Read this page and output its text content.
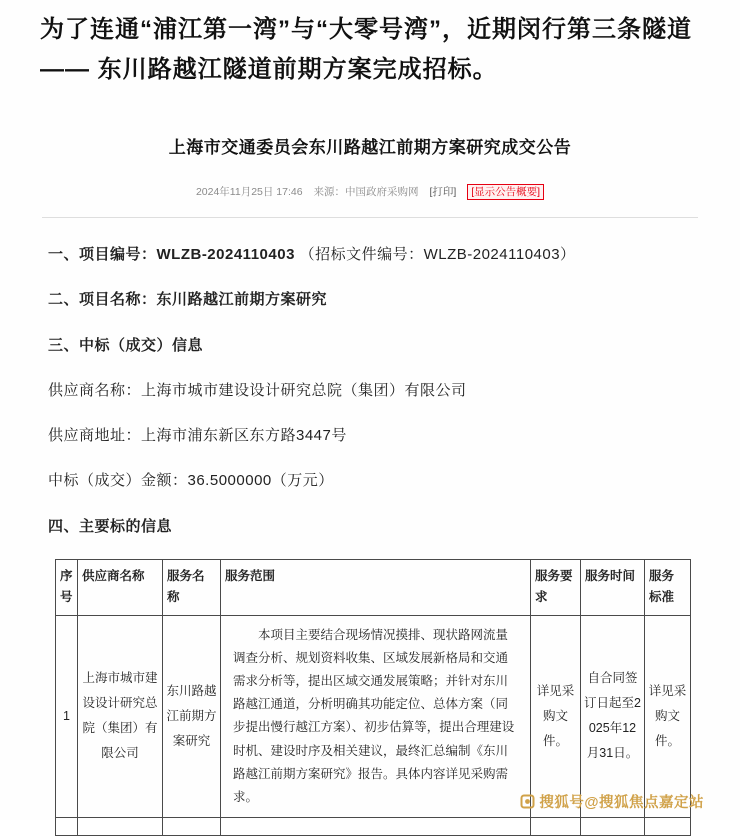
为了连通“浦江第一湾”与“大零号湾”，近期闵行第三条隧道 —— 东川路越江隧道前期方案完成招标。

上海市交通委员会东川路越江前期方案研究成交公告
2024年11月25日 17:46 来源：中国政府采购网 [打印] [显示公告概要]

一、项目编号：WLZB-2024110403 （招标文件编号：WLZB-2024110403）

二、项目名称：东川路越江前期方案研究

三、中标（成交）信息

供应商名称：上海市城市建设设计研究总院（集团）有限公司

供应商地址：上海市浦东新区东方路3447号

中标（成交）金额：36.5000000（万元）

四、主要标的信息

序号	供应商名称	服务名称	服务范围	服务要求	服务时间	服务标准
1	上海市城市建设设计研究总院（集团）有限公司	东川路越江前期方案研究	本项目主要结合现场情况摸排、现状路网流量调查分析、规划资料收集、区域发展新格局和交通需求分析等，提出区域交通发展策略；并针对东川路越江通道，分析明确其功能定位、总体方案（同步提出慢行越江方案）、初步估算等，提出合理建设时机、建设时序及相关建议，最终汇总编制《东川路越江前期方案研究》报告。具体内容详见采购需求。	详见采购文件。	自合同签订日起至2025年12月31日。	详见采购文件。

搜狐号@搜狐焦点嘉定站
